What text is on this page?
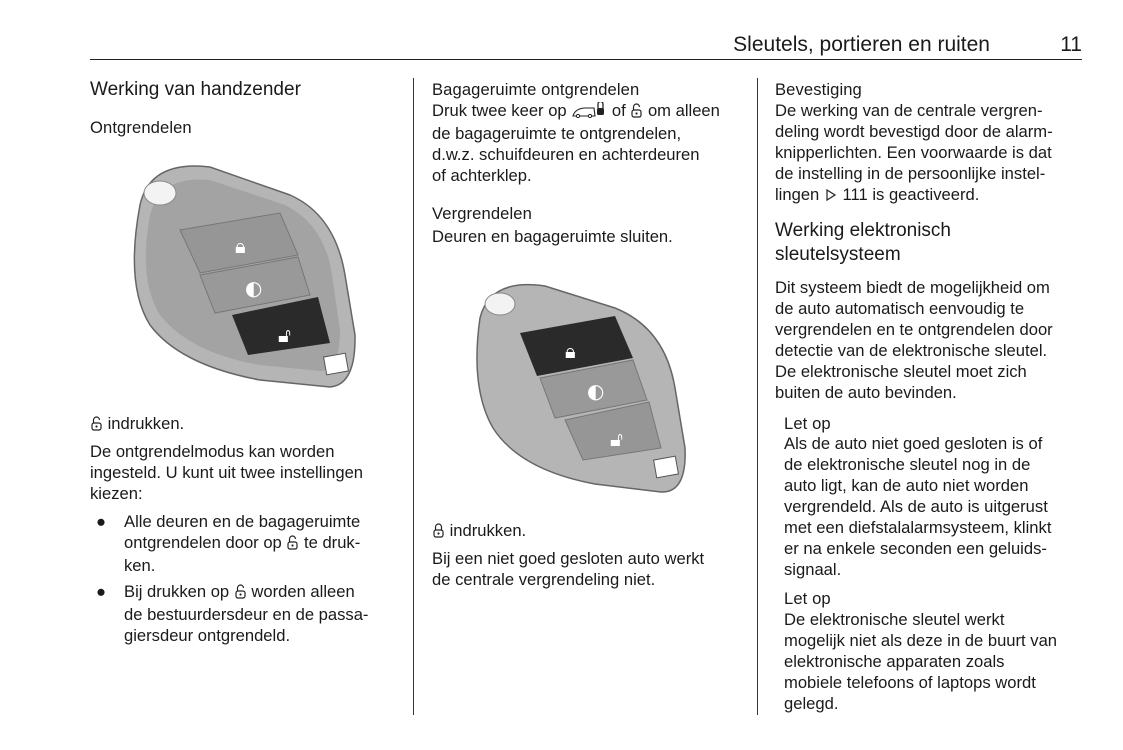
Sleutels, portieren en ruiten	11
Werking van handzender
Ontgrendelen
🔒︎
🔓︎
◐
indrukken.
De ontgrendelmodus kan worden
ingesteld. U kunt uit twee instellingen
kiezen:
● Alle deuren en de bagageruimte
ontgrendelen door op  te druk-
ken.
● Bij drukken op  worden alleen
de bestuurdersdeur en de passa-
giersdeur ontgrendeld.
Bagageruimte ontgrendelen
Druk twee keer op  of  om alleen
de bagageruimte te ontgrendelen,
d.w.z. schuifdeuren en achterdeuren
of achterklep.
Vergrendelen
Deuren en bagageruimte sluiten.
🔒︎
◐
🔓︎
indrukken.
Bij een niet goed gesloten auto werkt
de centrale vergrendeling niet.
Bevestiging
De werking van de centrale vergren-
deling wordt bevestigd door de alarm-
knipperlichten. Een voorwaarde is dat
de instelling in de persoonlijke instel-
lingen  111 is geactiveerd.
Werking elektronisch
sleutelsysteem
Dit systeem biedt de mogelijkheid om
de auto automatisch eenvoudig te
vergrendelen en te ontgrendelen door
detectie van de elektronische sleutel.
De elektronische sleutel moet zich
buiten de auto bevinden.
Let op
Als de auto niet goed gesloten is of
de elektronische sleutel nog in de
auto ligt, kan de auto niet worden
vergrendeld. Als de auto is uitgerust
met een diefstalalarmsysteem, klinkt
er na enkele seconden een geluids-
signaal.
Let op
De elektronische sleutel werkt
mogelijk niet als deze in de buurt van
elektronische apparaten zoals
mobiele telefoons of laptops wordt
gelegd.
